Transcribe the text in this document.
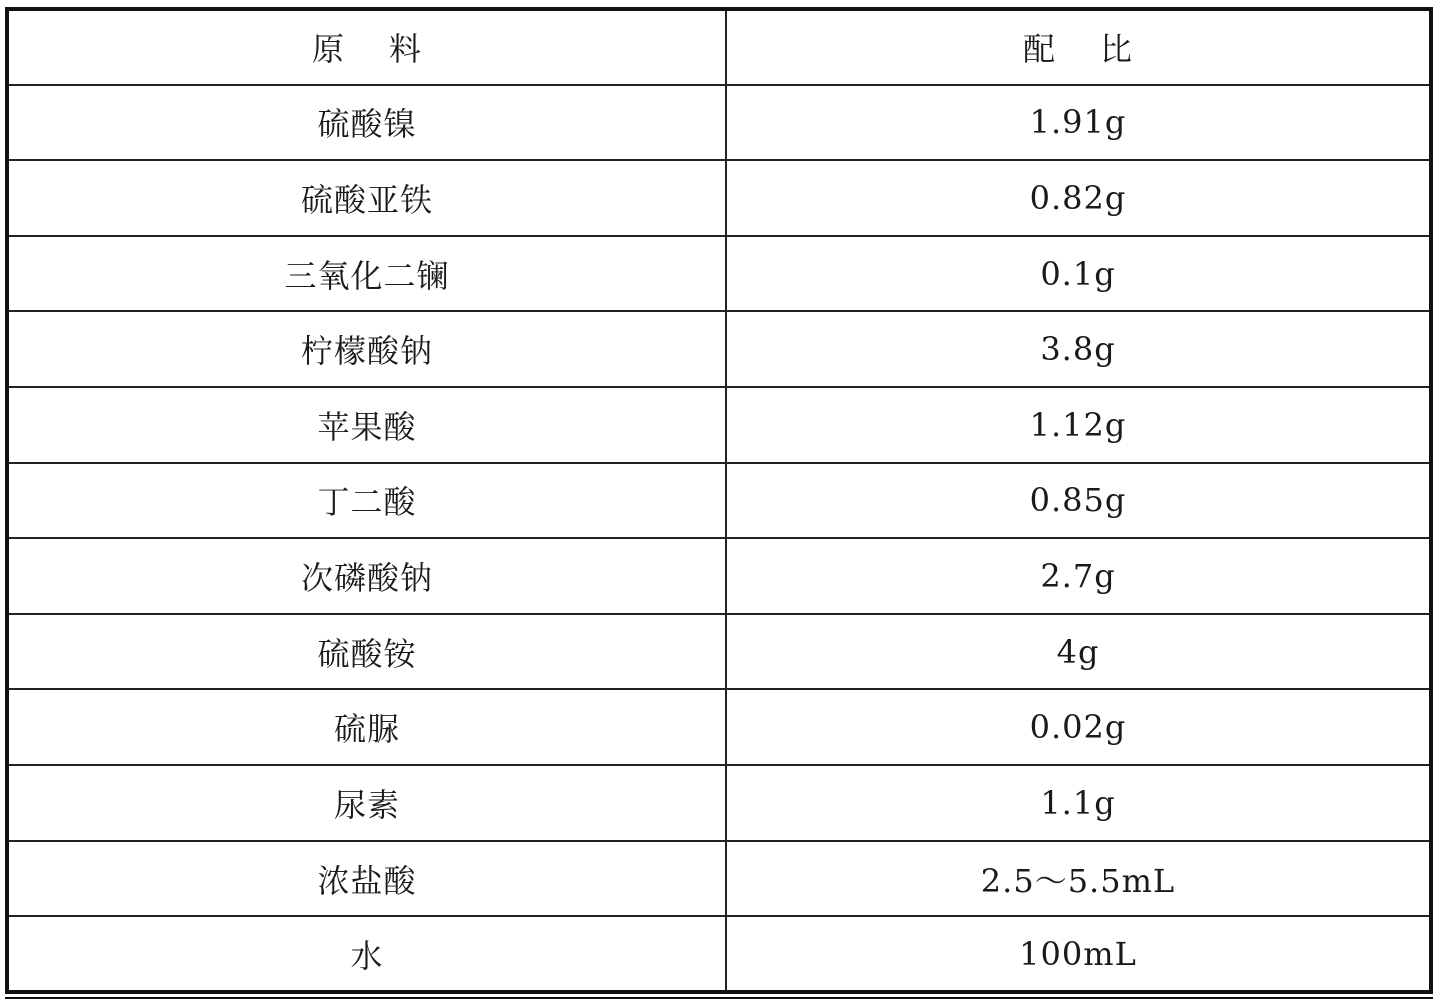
原 料	配 比
硫酸镍	1.91g
硫酸亚铁	0.82g
三氧化二镧	0.1g
柠檬酸钠	3.8g
苹果酸	1.12g
丁二酸	0.85g
次磷酸钠	2.7g
硫酸铵	4g
硫脲	0.02g
尿素	1.1g
浓盐酸	2.5～5.5mL
水	100mL
